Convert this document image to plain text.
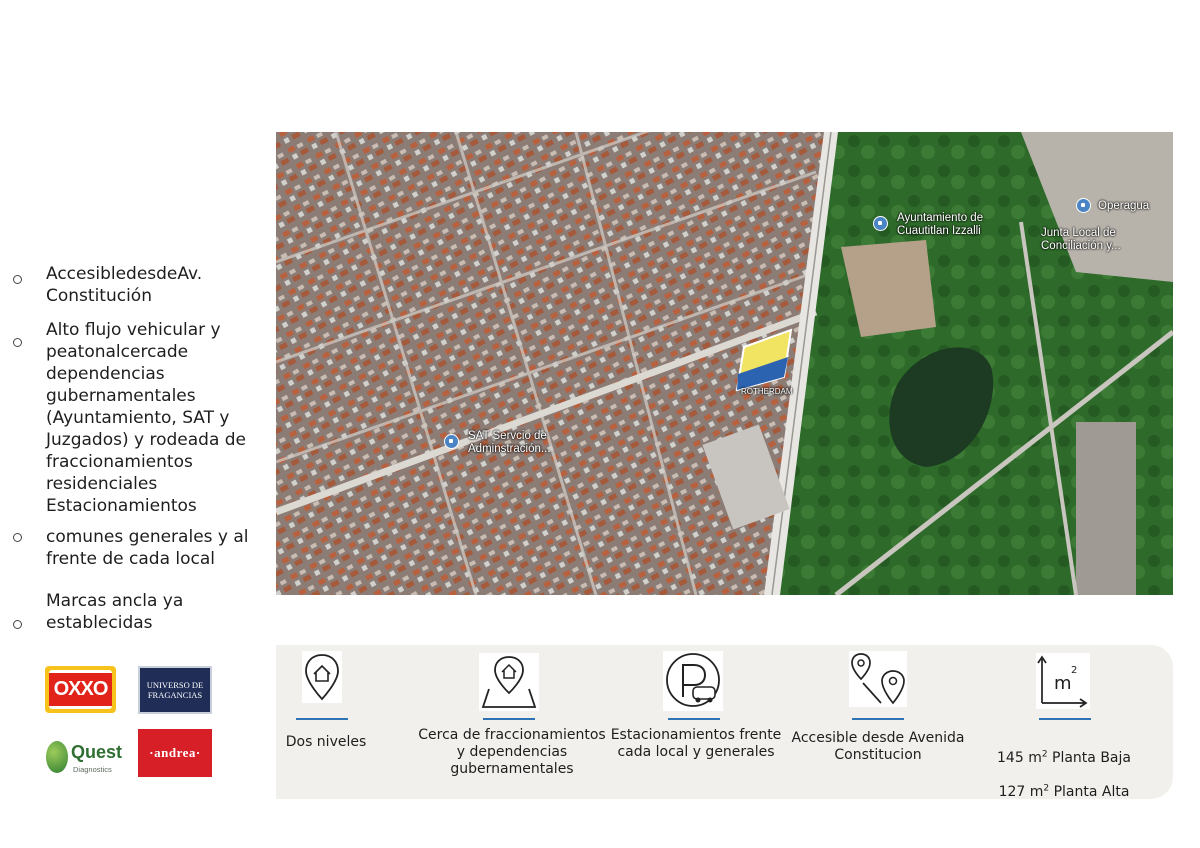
AccesibledesdeAv.
Constitución
Alto flujo vehicular y
peatonalcercade
dependencias
gubernamentales
(Ayuntamiento, SAT y
Juzgados) y rodeada de
fraccionamientos
residenciales
Estacionamientos
comunes generales y al
frente de cada local
Marcas ancla ya
establecidas
OXXO	UNIVERSO DE
FRAGANCIAS
Quest
Diagnostics
·andrea·
Ayuntamiento de
Cuautitlan Izzalli
Operagua
Junta Local de
Conciliación y...
SAT Servcio de
Adminstración...
ROTHERDAM
Dos niveles	Cerca de fraccionamientos
y dependencias
gubernamentales
Estacionamientos frente
cada local y generales
Accesible desde Avenida
Constitucion
m
2

145 $m^2$ Planta Baja

127 $m^2$ Planta Alta
